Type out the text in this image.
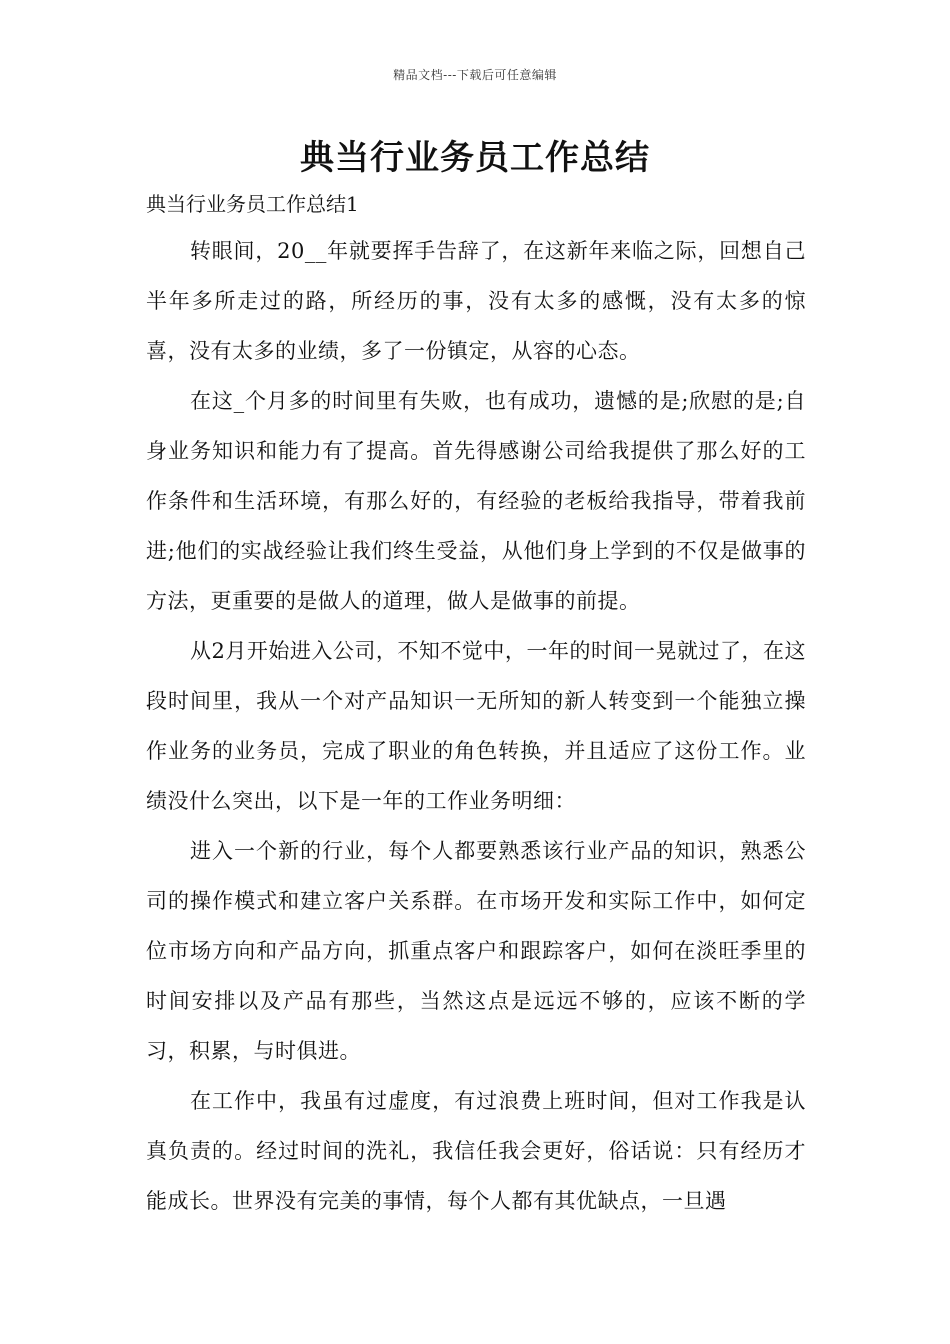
精品文档---下载后可任意编辑
典当行业务员工作总结
典当行业务员工作总结1

转眼间，20__年就要挥手告辞了，在这新年来临之际，回想自己半年多所走过的路，所经历的事，没有太多的感慨，没有太多的惊喜，没有太多的业绩，多了一份镇定，从容的心态。

在这_个月多的时间里有失败，也有成功，遗憾的是;欣慰的是;自身业务知识和能力有了提高。首先得感谢公司给我提供了那么好的工作条件和生活环境，有那么好的，有经验的老板给我指导，带着我前进;他们的实战经验让我们终生受益，从他们身上学到的不仅是做事的方法，更重要的是做人的道理，做人是做事的前提。

从2月开始进入公司，不知不觉中，一年的时间一晃就过了，在这段时间里，我从一个对产品知识一无所知的新人转变到一个能独立操作业务的业务员，完成了职业的角色转换，并且适应了这份工作。业绩没什么突出，以下是一年的工作业务明细：

进入一个新的行业，每个人都要熟悉该行业产品的知识，熟悉公司的操作模式和建立客户关系群。在市场开发和实际工作中，如何定位市场方向和产品方向，抓重点客户和跟踪客户，如何在淡旺季里的时间安排以及产品有那些，当然这点是远远不够的，应该不断的学习，积累，与时俱进。

在工作中，我虽有过虚度，有过浪费上班时间，但对工作我是认真负责的。经过时间的洗礼，我信任我会更好，俗话说：只有经历才能成长。世界没有完美的事情，每个人都有其优缺点，一旦遇
